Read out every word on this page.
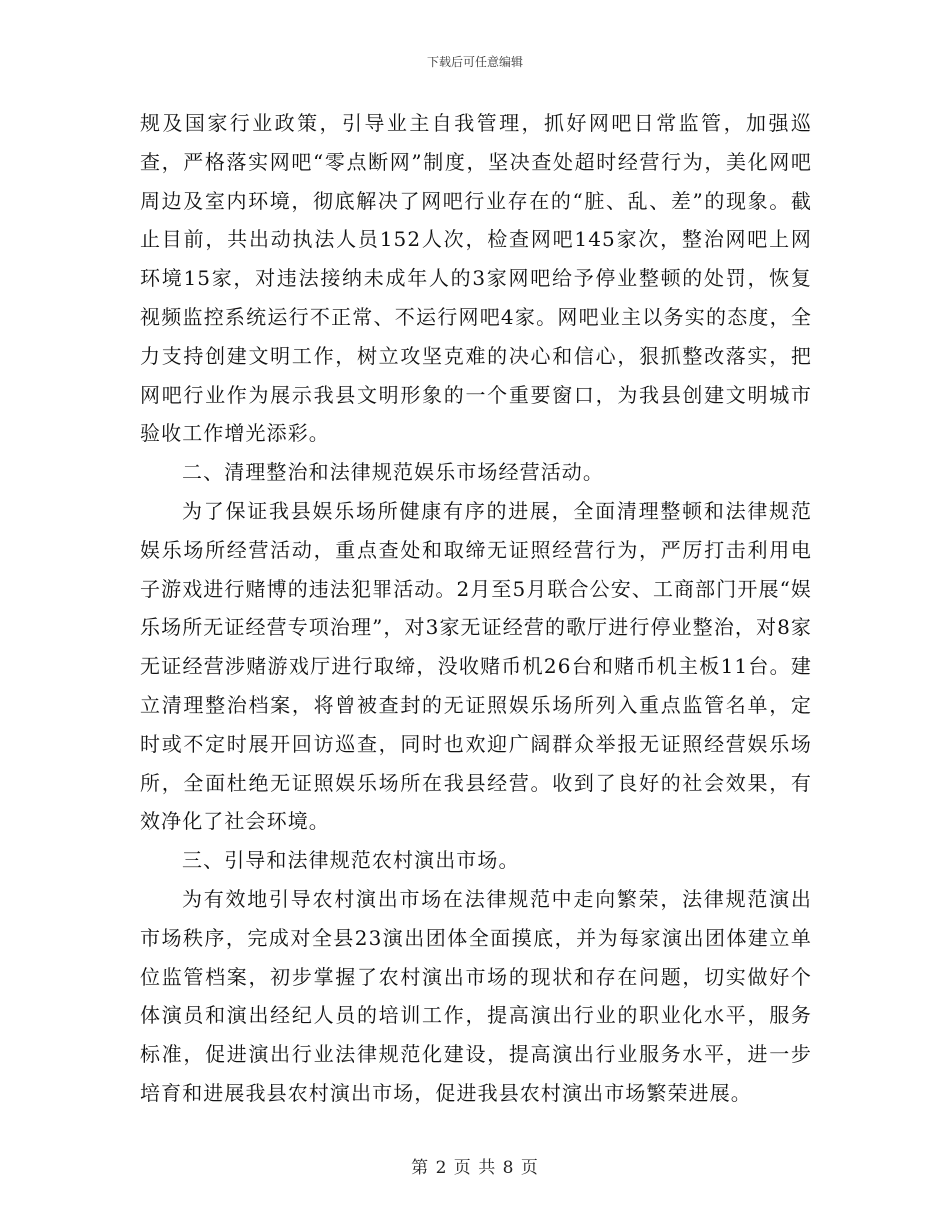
下载后可任意编辑

规及国家行业政策，引导业主自我管理，抓好网吧日常监管，加强巡查，严格落实网吧“零点断网”制度，坚决查处超时经营行为，美化网吧周边及室内环境，彻底解决了网吧行业存在的“脏、乱、差”的现象。截止目前，共出动执法人员152人次，检查网吧145家次，整治网吧上网环境15家，对违法接纳未成年人的3家网吧给予停业整顿的处罚，恢复视频监控系统运行不正常、不运行网吧4家。网吧业主以务实的态度，全力支持创建文明工作，树立攻坚克难的决心和信心，狠抓整改落实，把网吧行业作为展示我县文明形象的一个重要窗口，为我县创建文明城市验收工作增光添彩。

二、清理整治和法律规范娱乐市场经营活动。

为了保证我县娱乐场所健康有序的进展，全面清理整顿和法律规范娱乐场所经营活动，重点查处和取缔无证照经营行为，严厉打击利用电子游戏进行赌博的违法犯罪活动。2月至5月联合公安、工商部门开展“娱乐场所无证经营专项治理”，对3家无证经营的歌厅进行停业整治，对8家无证经营涉赌游戏厅进行取缔，没收赌币机26台和赌币机主板11台。建立清理整治档案，将曾被查封的无证照娱乐场所列入重点监管名单，定时或不定时展开回访巡查，同时也欢迎广阔群众举报无证照经营娱乐场所，全面杜绝无证照娱乐场所在我县经营。收到了良好的社会效果，有效净化了社会环境。

三、引导和法律规范农村演出市场。

为有效地引导农村演出市场在法律规范中走向繁荣，法律规范演出市场秩序，完成对全县23演出团体全面摸底，并为每家演出团体建立单位监管档案，初步掌握了农村演出市场的现状和存在问题，切实做好个体演员和演出经纪人员的培训工作，提高演出行业的职业化水平，服务标准，促进演出行业法律规范化建设，提高演出行业服务水平，进一步培育和进展我县农村演出市场，促进我县农村演出市场繁荣进展。

第 2 页 共 8 页
